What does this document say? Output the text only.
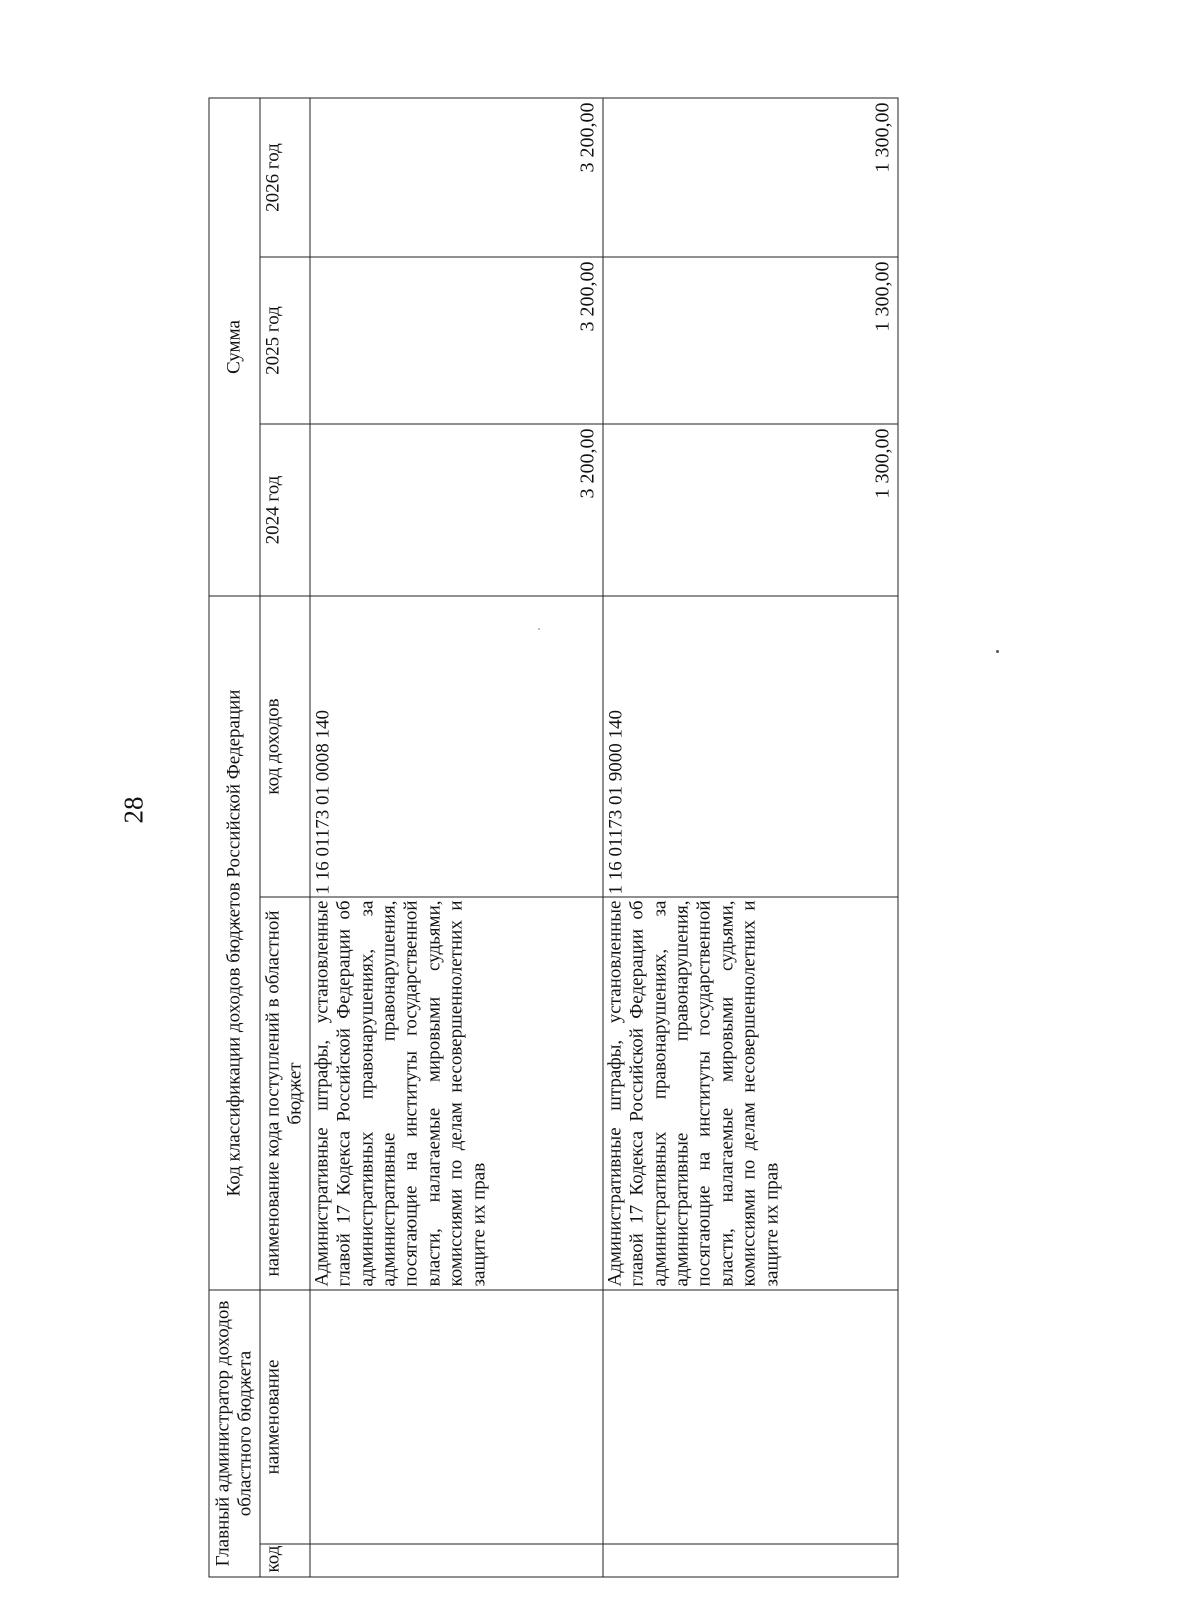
28
Главный администратор доходов областного бюджета		Код классификации доходов бюджетов Российской Федерации		Сумма		
код	наименование	наименование кода поступлений в областной бюджет	код доходов	2024 год	2025 год	2026 год
		Административные штрафы, установленные главой 17 Кодекса Российской Федерации об административных правонарушениях, за административные правонарушения, посягающие на институты государственной власти, налагаемые мировыми судьями, комиссиями по делам несовершеннолетних и защите их прав	1 16 01173 01 0008 140	3 200,00	3 200,00	3 200,00
		Административные штрафы, установленные главой 17 Кодекса Российской Федерации об административных правонарушениях, за административные правонарушения, посягающие на институты государственной власти, налагаемые мировыми судьями, комиссиями по делам несовершеннолетних и защите их прав	1 16 01173 01 9000 140	1 300,00	1 300,00	1 300,00
